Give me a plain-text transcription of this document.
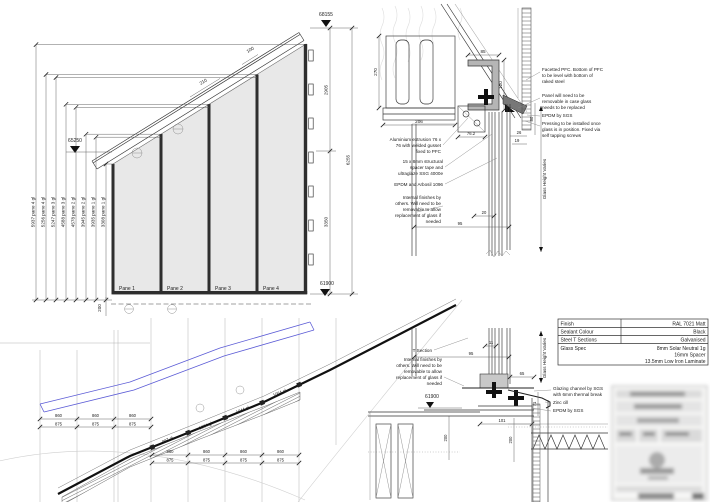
5937 pane 4 gl 5256 pane 4 gl 5247 pane 3 gl 4588 pane 3 gl 4578 pane 2 gl 3945 pane 2 gl 3935 pane 1 gl 3308 pane 1 gl
2905
3350
6255
210
100
68155
65250
61900
Pane 1	Pane 2	Pane 3	Pane 4
200
270
206
85
120
76.2	26
19
80
20
95
Glass Height Varies
Facetted PFC. Bottom of PFC
to be level with bottom of
raked steel
Panel will need to be
removable in case glass
needs to be replaced
EPDM by SGS
Pressing to be installed once
glass is in position. Fixed via
self tapping screws
Aluminium extrusion 76 x
76 with welded gusset
fixed to PFC
15 x 8mm structural
spacer tape and
ultraglaze SSG 4000e
EPDM and Arbosil 1096
Internal finishes by
others. Will need to be
removable to allow
replacement of glass if
needed
860	860	860
875	875	875
860	860	860	860
875	875	875	875
997 gl
1004 gl
1044 gl
1064 gl
11
95
65
101
200	200
61900
Glass Height Varies
T Section
Internal finishes by
others. Will need to be
removable to allow
replacement of glass if
needed
Glazing channel by SGS
with 6mm thermal break
Zinc cill
EPDM by SGS
Finish	RAL 7021 Matt
Sealant Colour	Black
Steel T Sections	Galvanised
Glass Spec	8mm Solar Neutral 1g
16mm Spacer
13.5mm Low Iron Laminate
